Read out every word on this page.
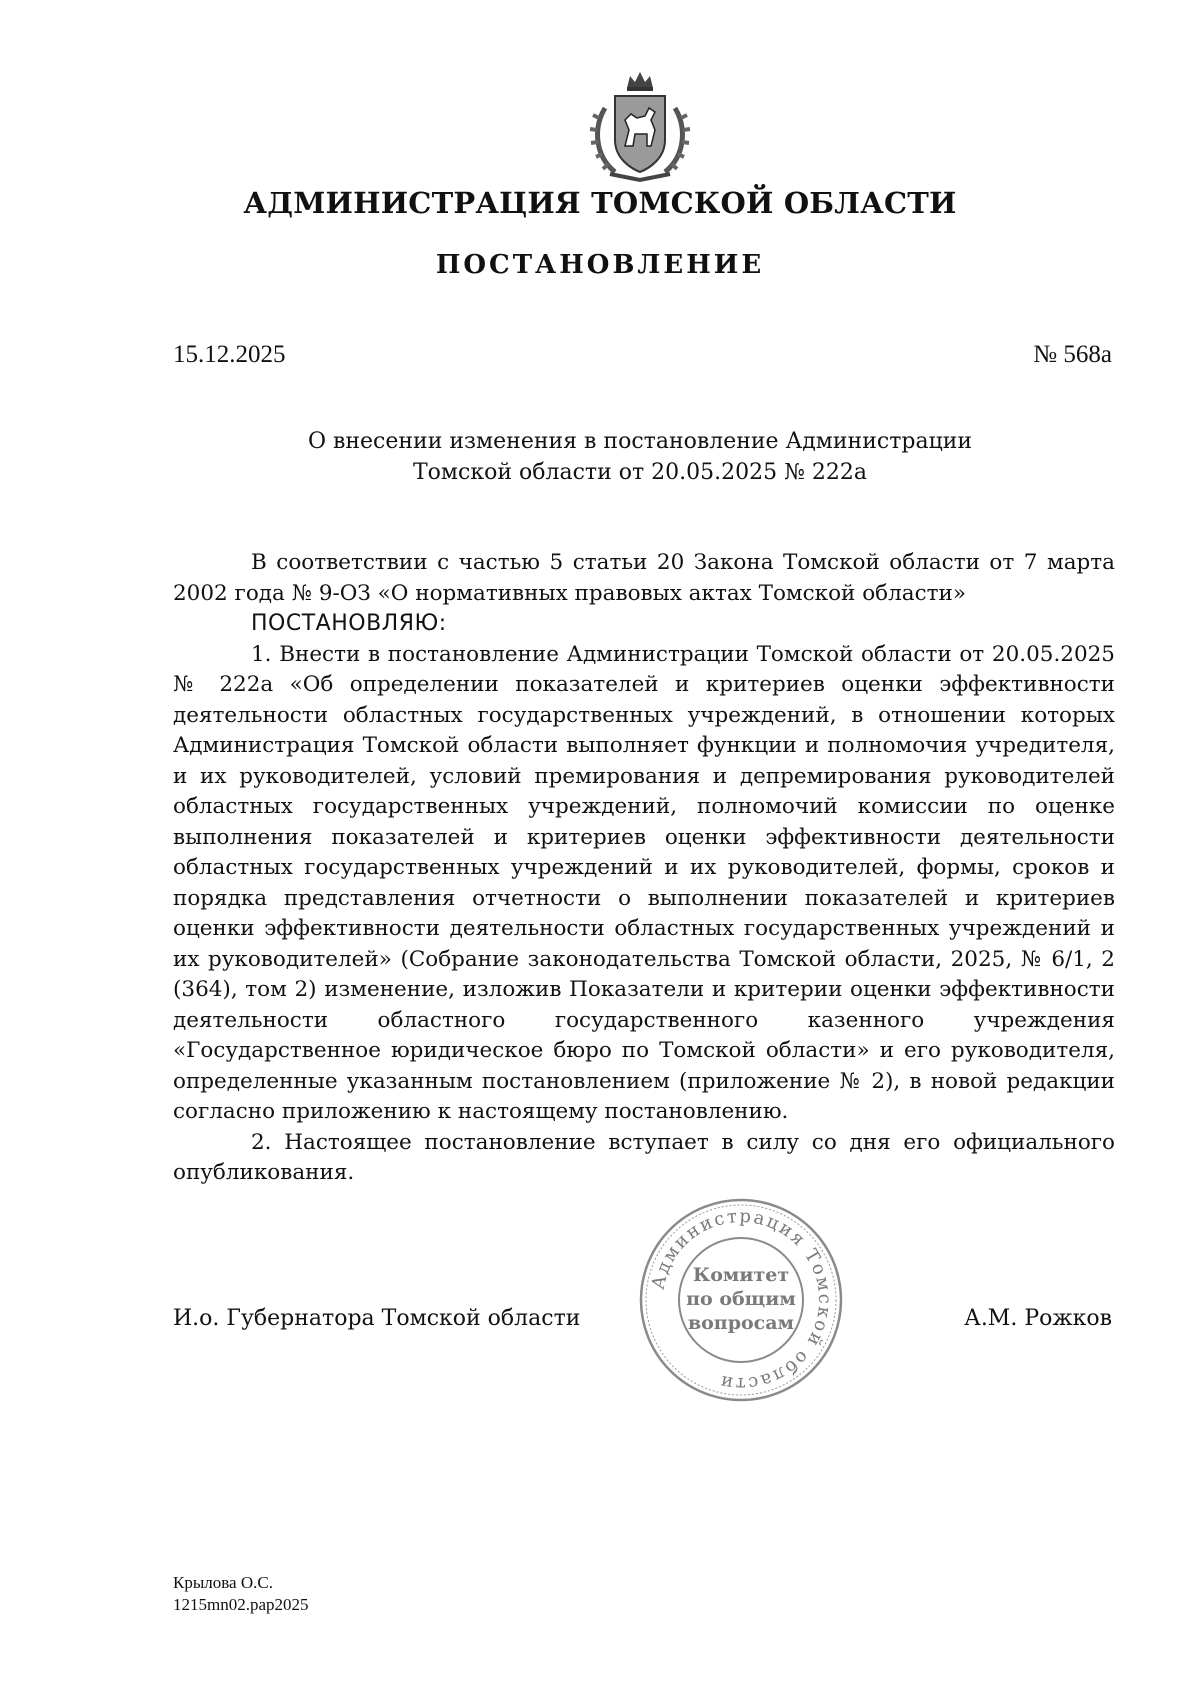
АДМИНИСТРАЦИЯ ТОМСКОЙ ОБЛАСТИ
ПОСТАНОВЛЕНИЕ
15.12.2025	№ 568а
О внесении изменения в постановление Администрации
Томской области от 20.05.2025 № 222а

В соответствии с частью 5 статьи 20 Закона Томской области от 7 марта 2002 года № 9-ОЗ «О нормативных правовых актах Томской области»

ПОСТАНОВЛЯЮ:

1. Внести в постановление Администрации Томской области от 20.05.2025 № 222а «Об определении показателей и критериев оценки эффективности деятельности областных государственных учреждений, в отношении которых Администрация Томской области выполняет функции и полномочия учредителя, и их руководителей, условий премирования и депремирования руководителей областных государственных учреждений, полномочий комиссии по оценке выполнения показателей и критериев оценки эффективности деятельности областных государственных учреждений и их руководителей, формы, сроков и порядка представления отчетности о выполнении показателей и критериев оценки эффективности деятельности областных государственных учреждений и их руководителей» (Собрание законодательства Томской области, 2025, № 6/1, 2 (364), том 2) изменение, изложив Показатели и критерии оценки эффективности деятельности областного государственного казенного учреждения «Государственное юридическое бюро по Томской области» и его руководителя, определенные указанным постановлением (приложение № 2), в новой редакции согласно приложению к настоящему постановлению.

2. Настоящее постановление вступает в силу со дня его официального опубликования.

И.о. Губернатора Томской области
Администрация Томской области
Комитет
по общим
вопросам	А.М. Рожков
Крылова О.С.
1215mn02.рар2025
